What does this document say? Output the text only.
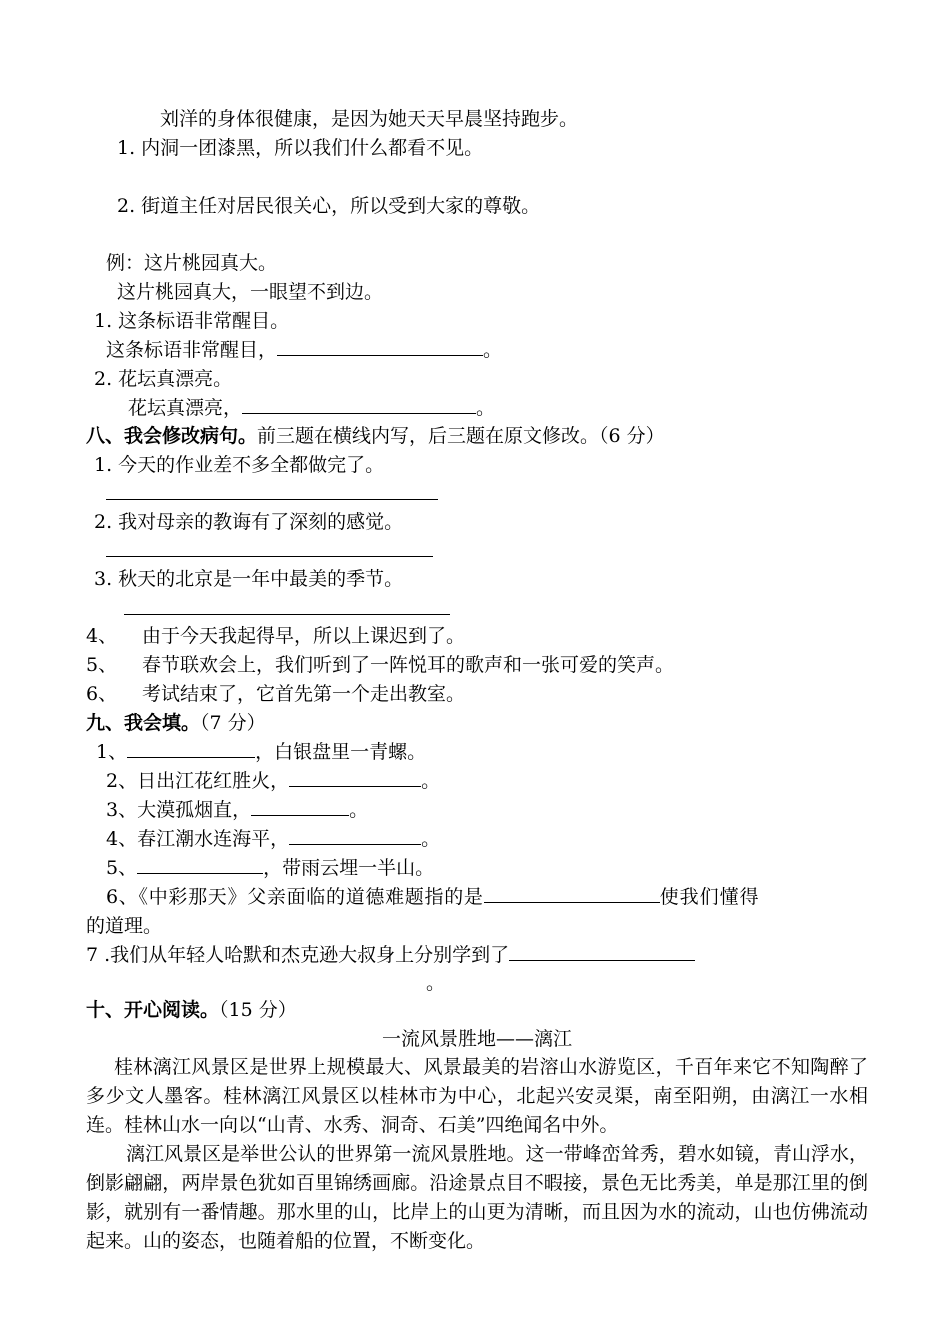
刘洋的身体很健康，是因为她天天早晨坚持跑步。
1. 内洞一团漆黑，所以我们什么都看不见。
2. 街道主任对居民很关心，所以受到大家的尊敬。
例：这片桃园真大。
这片桃园真大，一眼望不到边。
1. 这条标语非常醒目。
这条标语非常醒目，	。
2. 花坛真漂亮。
花坛真漂亮，	。
八、我会修改病句。前三题在横线内写，后三题在原文修改。（6 分）
1. 今天的作业差不多全都做完了。
2. 我对母亲的教诲有了深刻的感觉。
3. 秋天的北京是一年中最美的季节。
4、 由于今天我起得早，所以上课迟到了。
5、 春节联欢会上，我们听到了一阵悦耳的歌声和一张可爱的笑声。
6、 考试结束了，它首先第一个走出教室。
九、我会填。（7 分）
1、	，白银盘里一青螺。
2、日出江花红胜火，	。
3、大漠孤烟直，	。
4、春江潮水连海平，	。
5、	，带雨云埋一半山。
6、《中彩那天》父亲面临的道德难题指的是	使我们懂得
的道理。
7 .我们从年轻人哈默和杰克逊大叔身上分别学到了
。
十、开心阅读。（15 分）
一流风景胜地——漓江
桂林漓江风景区是世界上规模最大、风景最美的岩溶山水游览区，千百年来它不知陶醉了多少文人墨客。桂林漓江风景区以桂林市为中心，北起兴安灵渠，南至阳朔，由漓江一水相连。桂林山水一向以“山青、水秀、洞奇、石美”四绝闻名中外。
漓江风景区是举世公认的世界第一流风景胜地。这一带峰峦耸秀，碧水如镜，青山浮水，倒影翩翩，两岸景色犹如百里锦绣画廊。沿途景点目不暇接，景色无比秀美，单是那江里的倒影，就别有一番情趣。那水里的山，比岸上的山更为清晰，而且因为水的流动，山也仿佛流动起来。山的姿态，也随着船的位置，不断变化。
